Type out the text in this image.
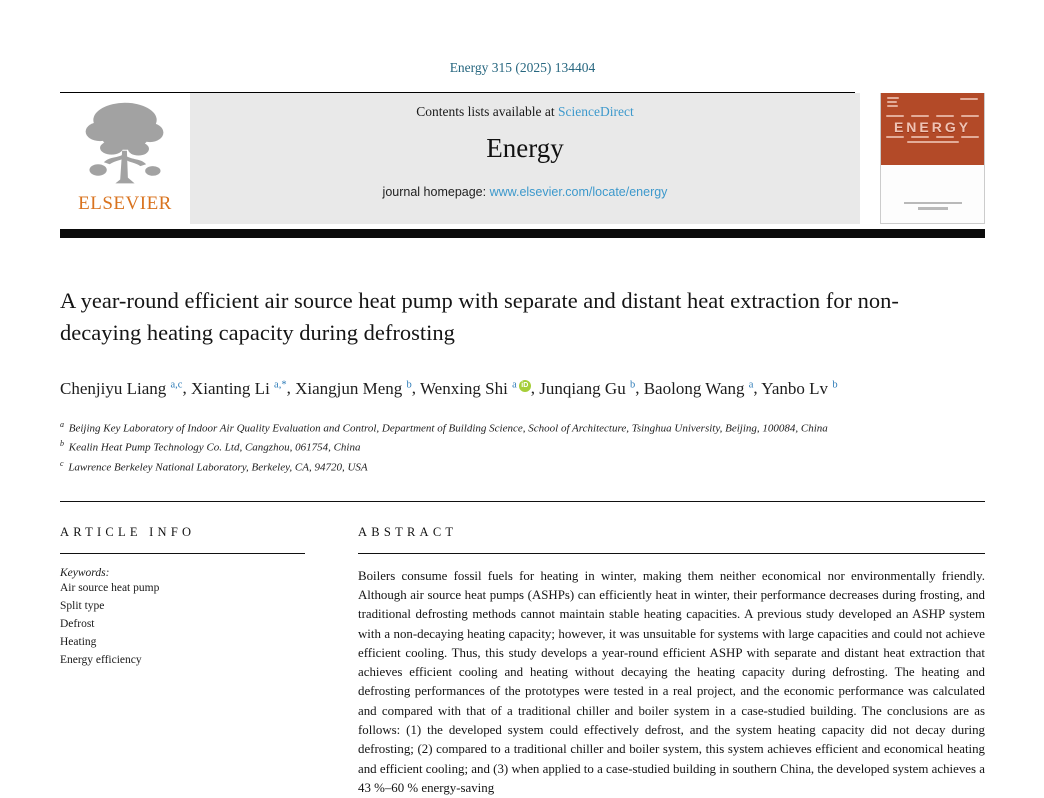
Energy 315 (2025) 134404
ELSEVIER
Contents lists available at ScienceDirect
Energy
journal homepage: www.elsevier.com/locate/energy
ENERGY
A year-round efficient air source heat pump with separate and distant heat extraction for non-decaying heating capacity during defrosting
Chenjiyu Liang $^{a,c}$, Xianting Li $^{a,*}$, Xiangjun Meng $^b$, Wenxing Shi $^a$ iD , Junqiang Gu $^b$, Baolong Wang $^a$, Yanbo Lv $^b$
$^a$ Beijing Key Laboratory of Indoor Air Quality Evaluation and Control, Department of Building Science, School of Architecture, Tsinghua University, Beijing, 100084, China
$^b$ Kealin Heat Pump Technology Co. Ltd, Cangzhou, 061754, China
$^c$ Lawrence Berkeley National Laboratory, Berkeley, CA, 94720, USA
ARTICLE INFO
Keywords:
Air source heat pump
Split type
Defrost
Heating
Energy efficiency
ABSTRACT
Boilers consume fossil fuels for heating in winter, making them neither economical nor environmentally friendly. Although air source heat pumps (ASHPs) can efficiently heat in winter, their performance decreases during frosting, and traditional defrosting methods cannot maintain stable heating capacities. A previous study developed an ASHP system with a non-decaying heating capacity; however, it was unsuitable for systems with large capacities and could not achieve efficient cooling. Thus, this study develops a year-round efficient ASHP with separate and distant heat extraction that achieves efficient cooling and heating without decaying the heating capacity during defrosting. The heating and defrosting performances of the prototypes were tested in a real project, and the economic performance was calculated and compared with that of a traditional chiller and boiler system in a case-studied building. The conclusions are as follows: (1) the developed system could effectively defrost, and the system heating capacity did not decay during defrosting; (2) compared to a traditional chiller and boiler system, this system achieves efficient and economical heating and efficient cooling; and (3) when applied to a case-studied building in southern China, the developed system achieves a 43 %–60 % energy-saving
